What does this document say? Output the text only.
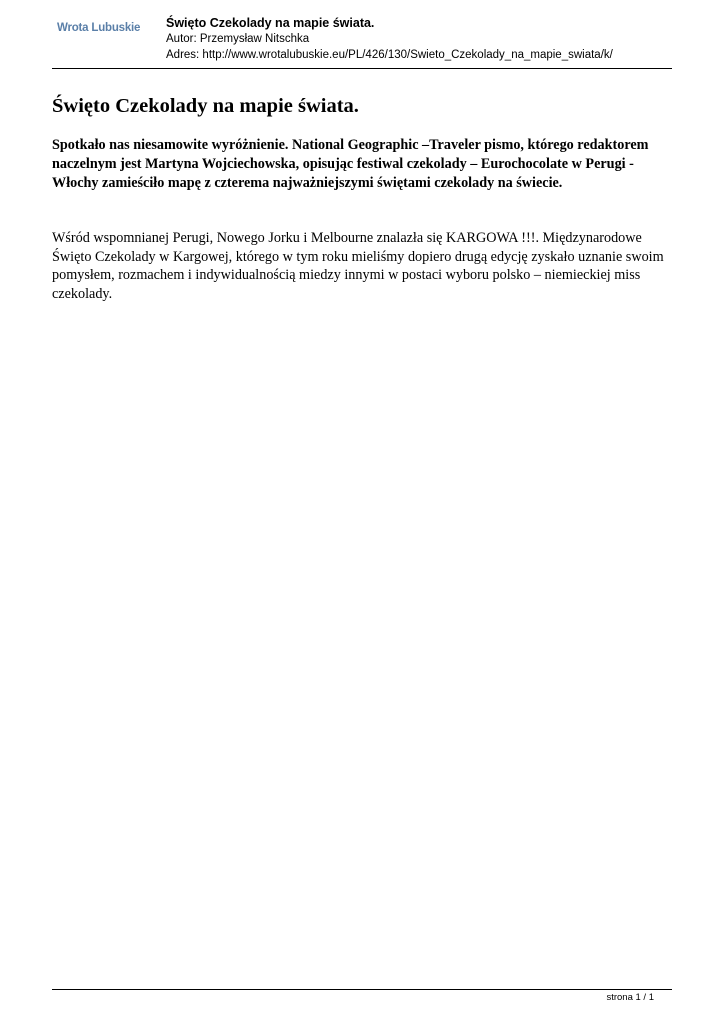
Wrota Lubuskie Święto Czekolady na mapie świata.
Autor: Przemysław Nitschka
Adres: http://www.wrotalubuskie.eu/PL/426/130/Swieto_Czekolady_na_mapie_swiata/k/
Święto Czekolady na mapie świata.

Spotkało nas niesamowite wyróżnienie. National Geographic –Traveler pismo, którego redaktorem naczelnym jest Martyna Wojciechowska, opisując festiwal czekolady – Eurochocolate w Perugi - Włochy zamieściło mapę z czterema najważniejszymi świętami czekolady na świecie.

Wśród wspomnianej Perugi, Nowego Jorku i Melbourne znalazła się KARGOWA !!!. Międzynarodowe Święto Czekolady w Kargowej, którego w tym roku mieliśmy dopiero drugą edycję zyskało uznanie swoim pomysłem, rozmachem i indywidualnością miedzy innymi w postaci wyboru polsko – niemieckiej miss czekolady.

strona 1 / 1
